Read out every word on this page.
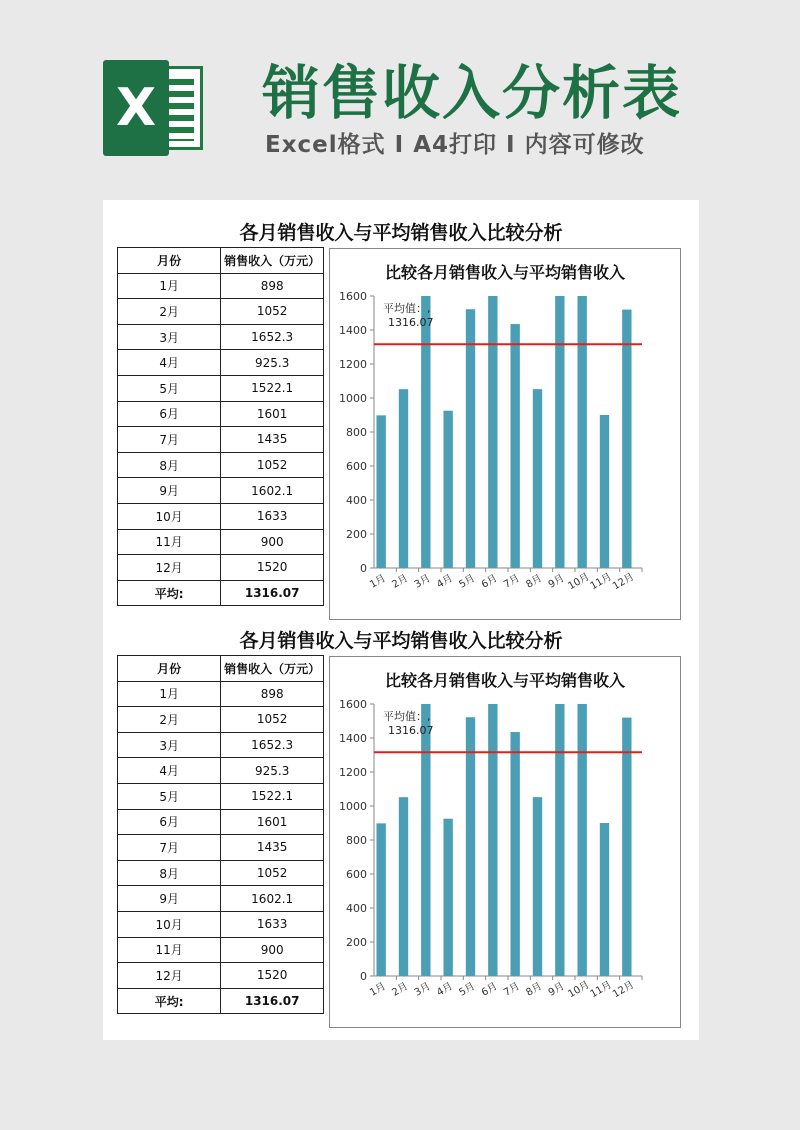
X 销售收入分析表
Excel格式 I A4打印 I 内容可修改
各月销售收入与平均销售收入比较分析
月份	销售收入（万元）
1月	898
2月	1052
3月	1652.3
4月	925.3
5月	1522.1
6月	1601
7月	1435
8月	1052
9月	1602.1
10月	1633
11月	900
12月	1520
平均:	1316.07
比较各月销售收入与平均销售收入
0
200
400
600
800
1000
1200
1400
1600
1月 2月 3月 4月 5月 6月 7月 8月 9月 10月
11月
12月
平均值：, 1316.07
各月销售收入与平均销售收入比较分析
月份	销售收入（万元）
1月	898
2月	1052
3月	1652.3
4月	925.3
5月	1522.1
6月	1601
7月	1435
8月	1052
9月	1602.1
10月	1633
11月	900
12月	1520
平均:	1316.07
比较各月销售收入与平均销售收入
0
200
400
600
800
1000
1200
1400
1600
1月 2月 3月 4月 5月 6月 7月 8月 9月 10月
11月
12月
平均值：, 1316.07
